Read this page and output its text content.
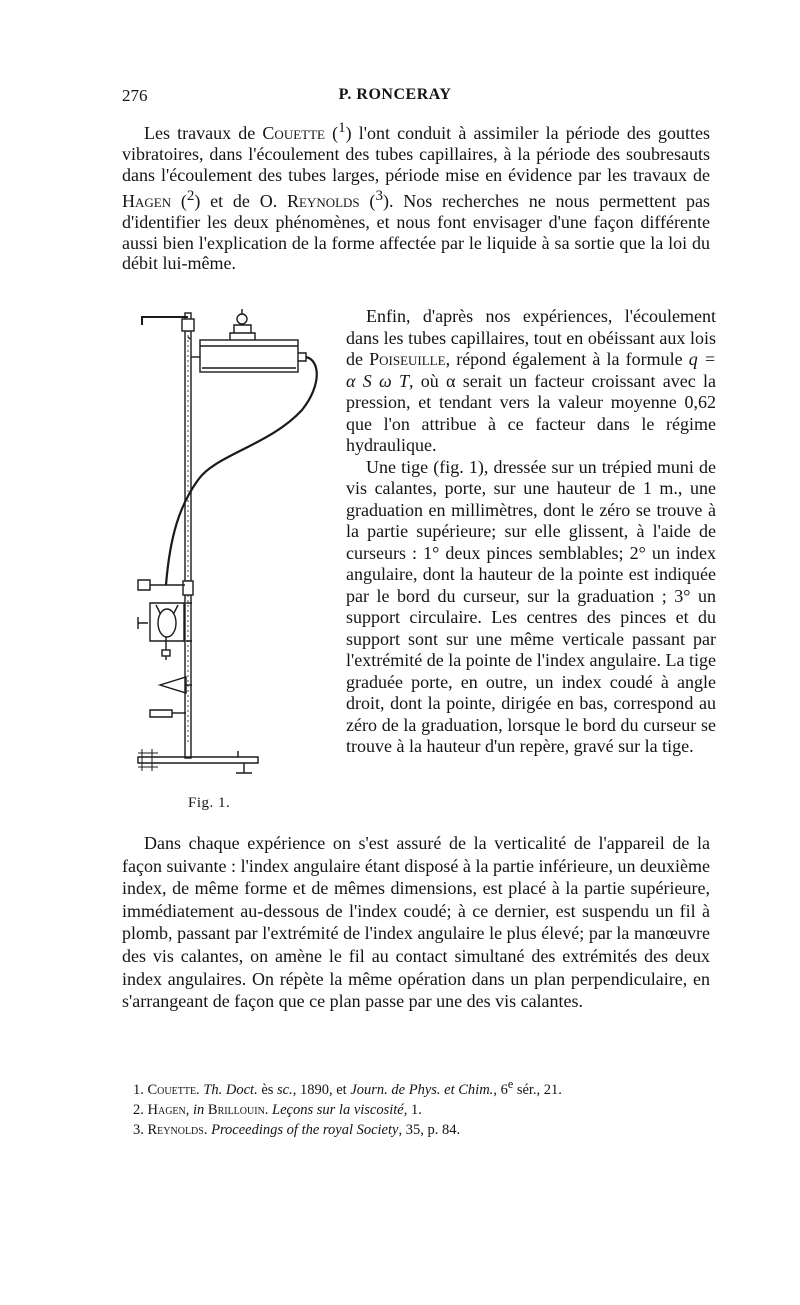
276	P. RONCERAY

Les travaux de Couette ($^1$) l'ont conduit à assimiler la période des gouttes vibratoires, dans l'écoulement des tubes capillaires, à la période des soubresauts dans l'écoulement des tubes larges, période mise en évidence par les travaux de Hagen ($^2$) et de O. Reynolds ($^3$). Nos recherches ne nous permettent pas d'identifier les deux phénomènes, et nous font envisager d'une façon différente aussi bien l'explication de la forme affectée par le liquide à sa sortie que la loi du débit lui-même.

Fig. 1.

Enfin, d'après nos expériences, l'écoulement dans les tubes capillaires, tout en obéissant aux lois de Poiseuille, répond également à la formule q = α S ω T, où α serait un facteur croissant avec la pression, et tendant vers la valeur moyenne 0,62 que l'on attribue à ce facteur dans le régime hydraulique.

Une tige (fig. 1), dressée sur un trépied muni de vis calantes, porte, sur une hauteur de 1 m., une graduation en millimètres, dont le zéro se trouve à la partie supérieure; sur elle glissent, à l'aide de curseurs : 1° deux pinces semblables; 2° un index angulaire, dont la hauteur de la pointe est indiquée par le bord du curseur, sur la graduation ; 3° un support circulaire. Les centres des pinces et du support sont sur une même verticale passant par l'extrémité de la pointe de l'index angulaire. La tige graduée porte, en outre, un index coudé à angle droit, dont la pointe, dirigée en bas, correspond au zéro de la graduation, lorsque le bord du curseur se trouve à la hauteur d'un repère, gravé sur la tige.

Dans chaque expérience on s'est assuré de la verticalité de l'appareil de la façon suivante : l'index angulaire étant disposé à la partie inférieure, un deuxième index, de même forme et de mêmes dimensions, est placé à la partie supérieure, immédiatement au-dessous de l'index coudé; à ce dernier, est suspendu un fil à plomb, passant par l'extrémité de l'index angulaire le plus élevé; par la manœuvre des vis calantes, on amène le fil au contact simultané des extrémités des deux index angulaires. On répète la même opération dans un plan perpendiculaire, en s'arrangeant de façon que ce plan passe par une des vis calantes.

1. Couette. Th. Doct. ès sc., 1890, et Journ. de Phys. et Chim., 6e sér., 21.
2. Hagen, in Brillouin. Leçons sur la viscosité, 1.
3. Reynolds. Proceedings of the royal Society, 35, p. 84.
